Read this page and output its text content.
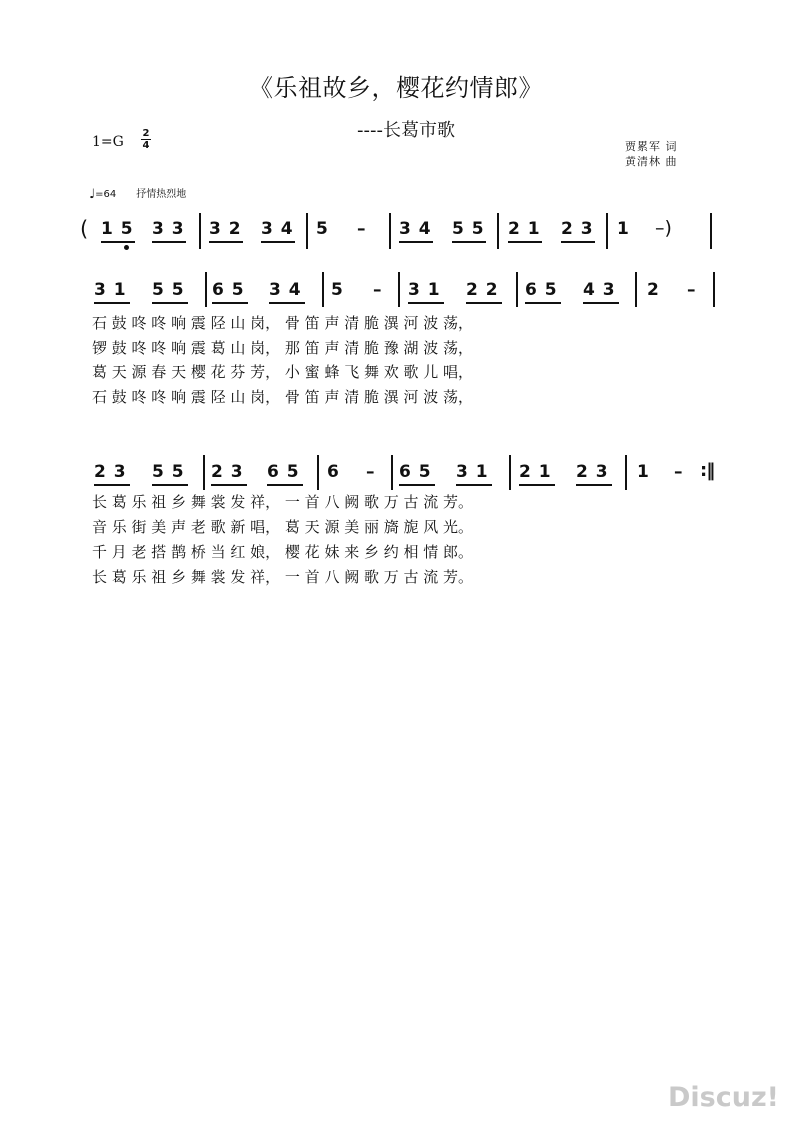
《乐祖故乡，樱花约情郎》
----长葛市歌
1=G
2
4	贾累军 词
黄清林 曲
♩=64 抒情热烈地
( 1 5 3 3 3 2 3 4 5 – 3 4 5 5 2 1 2 3 1 –)
3 1 5 5 6 5 3 4 5 – 3 1 2 2 6 5 4 3 2 –
石 鼓 咚 咚 响 震 陉 山 岗， 骨 笛 声 清 脆 潩 河 波 荡，
锣 鼓 咚 咚 响 震 葛 山 岗， 那 笛 声 清 脆 豫 湖 波 荡，
葛 天 源 春 天 樱 花 芬 芳， 小 蜜 蜂 飞 舞 欢 歌 儿 唱，
石 鼓 咚 咚 响 震 陉 山 岗， 骨 笛 声 清 脆 潩 河 波 荡，
2 3 5 5 2 3 6 5 6 – 6 5 3 1 2 1 2 3 1 – :‖
长 葛 乐 祖 乡 舞 裳 发 祥， 一 首 八 阙 歌 万 古 流 芳。
音 乐 街 美 声 老 歌 新 唱， 葛 天 源 美 丽 旖 旎 风 光。
千 月 老 搭 鹊 桥 当 红 娘， 樱 花 妹 来 乡 约 相 情 郎。
长 葛 乐 祖 乡 舞 裳 发 祥， 一 首 八 阙 歌 万 古 流 芳。
Discuz!
